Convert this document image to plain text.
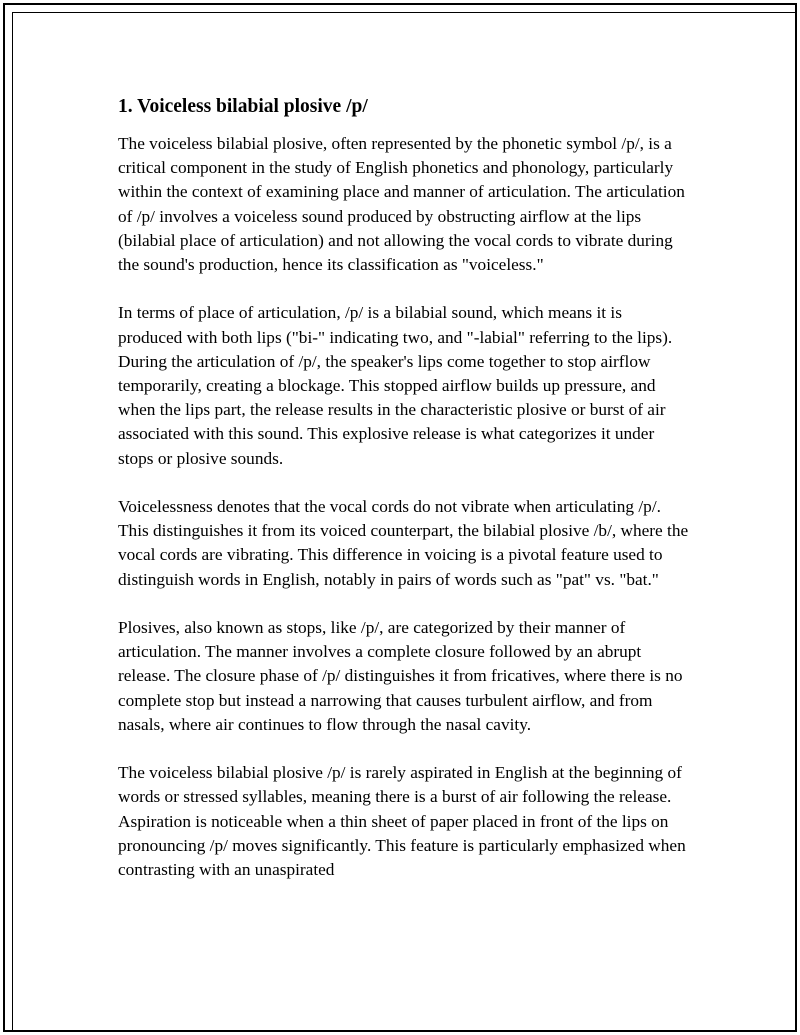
1. Voiceless bilabial plosive /p/

The voiceless bilabial plosive, often represented by the phonetic symbol /p/, is a critical component in the study of English phonetics and phonology, particularly within the context of examining place and manner of articulation. The articulation of /p/ involves a voiceless sound produced by obstructing airflow at the lips (bilabial place of articulation) and not allowing the vocal cords to vibrate during the sound's production, hence its classification as "voiceless."

In terms of place of articulation, /p/ is a bilabial sound, which means it is produced with both lips ("bi-" indicating two, and "-labial" referring to the lips). During the articulation of /p/, the speaker's lips come together to stop airflow temporarily, creating a blockage. This stopped airflow builds up pressure, and when the lips part, the release results in the characteristic plosive or burst of air associated with this sound. This explosive release is what categorizes it under stops or plosive sounds.

Voicelessness denotes that the vocal cords do not vibrate when articulating /p/. This distinguishes it from its voiced counterpart, the bilabial plosive /b/, where the vocal cords are vibrating. This difference in voicing is a pivotal feature used to distinguish words in English, notably in pairs of words such as "pat" vs. "bat."

Plosives, also known as stops, like /p/, are categorized by their manner of articulation. The manner involves a complete closure followed by an abrupt release. The closure phase of /p/ distinguishes it from fricatives, where there is no complete stop but instead a narrowing that causes turbulent airflow, and from nasals, where air continues to flow through the nasal cavity.

The voiceless bilabial plosive /p/ is rarely aspirated in English at the beginning of words or stressed syllables, meaning there is a burst of air following the release. Aspiration is noticeable when a thin sheet of paper placed in front of the lips on pronouncing /p/ moves significantly. This feature is particularly emphasized when contrasting with an unaspirated
